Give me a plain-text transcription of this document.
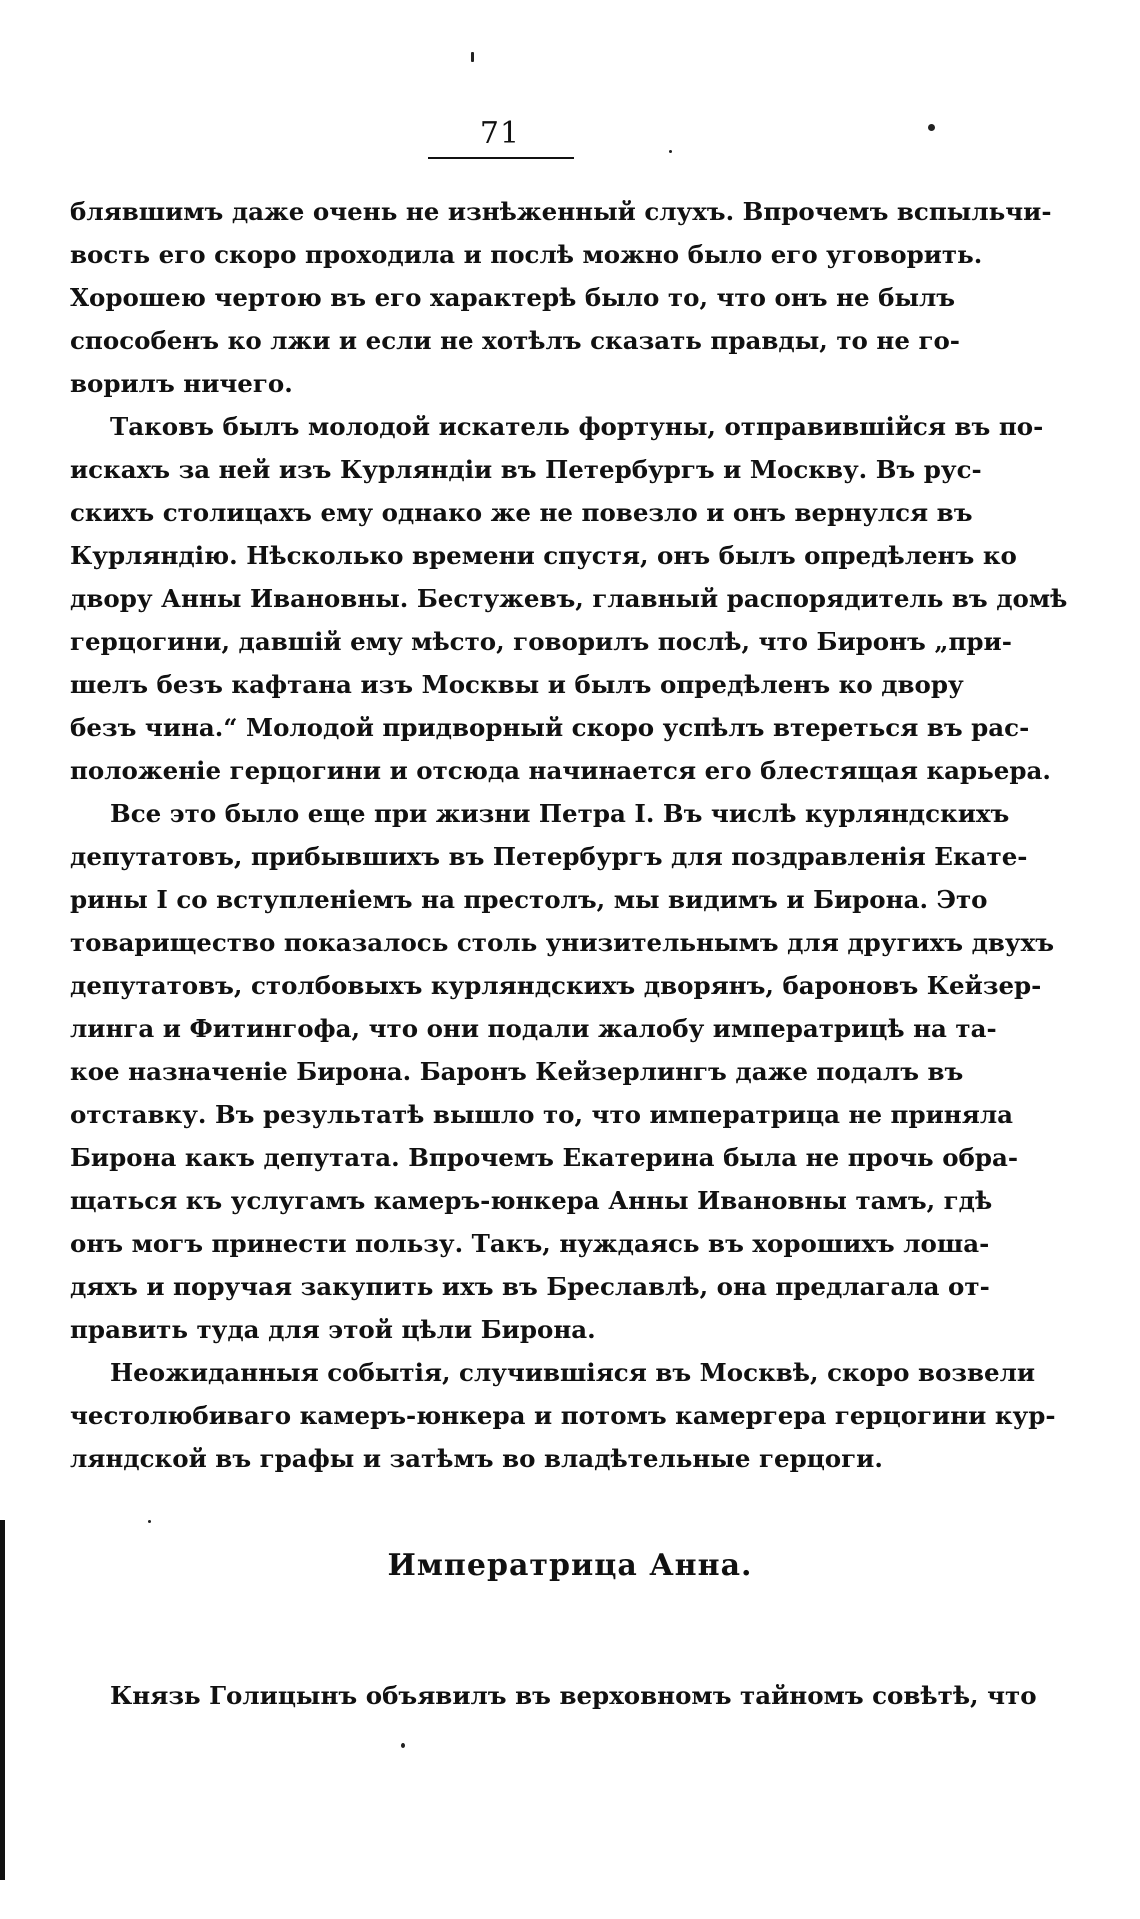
71
блявшимъ даже очень не изнѣженный слухъ. Впрочемъ вспыльчи-
вость его скоро проходила и послѣ можно было его уговорить.
Хорошею чертою въ его характерѣ было то, что онъ не былъ
способенъ ко лжи и если не хотѣлъ сказать правды, то не го-
ворилъ ничего.
Таковъ былъ молодой искатель фортуны, отправившійся въ по-
искахъ за ней изъ Курляндіи въ Петербургъ и Москву. Въ рус-
скихъ столицахъ ему однако же не повезло и онъ вернулся въ
Курляндію. Нѣсколько времени спустя, онъ былъ опредѣленъ ко
двору Анны Ивановны. Бестужевъ, главный распорядитель въ домѣ
герцогини, давшій ему мѣсто, говорилъ послѣ, что Биронъ „при-
шелъ безъ кафтана изъ Москвы и былъ опредѣленъ ко двору
безъ чина.“ Молодой придворный скоро успѣлъ втереться въ рас-
положеніе герцогини и отсюда начинается его блестящая карьера.
Все это было еще при жизни Петра I. Въ числѣ курляндскихъ
депутатовъ, прибывшихъ въ Петербургъ для поздравленія Екате-
рины I со вступленіемъ на престолъ, мы видимъ и Бирона. Это
товарищество показалось столь унизительнымъ для другихъ двухъ
депутатовъ, столбовыхъ курляндскихъ дворянъ, бароновъ Кейзер-
линга и Фитингофа, что они подали жалобу императрицѣ на та-
кое назначеніе Бирона. Баронъ Кейзерлингъ даже подалъ въ
отставку. Въ результатѣ вышло то, что императрица не приняла
Бирона какъ депутата. Впрочемъ Екатерина была не прочь обра-
щаться къ услугамъ камеръ-юнкера Анны Ивановны тамъ, гдѣ
онъ могъ принести пользу. Такъ, нуждаясь въ хорошихъ лоша-
дяхъ и поручая закупить ихъ въ Бреславлѣ, она предлагала от-
править туда для этой цѣли Бирона.
Неожиданныя событія, случившіяся въ Москвѣ, скоро возвели
честолюбиваго камеръ-юнкера и потомъ камергера герцогини кур-
ляндской въ графы и затѣмъ во владѣтельные герцоги.
Императрица Анна.
Князь Голицынъ объявилъ въ верховномъ тайномъ совѣтѣ, что
